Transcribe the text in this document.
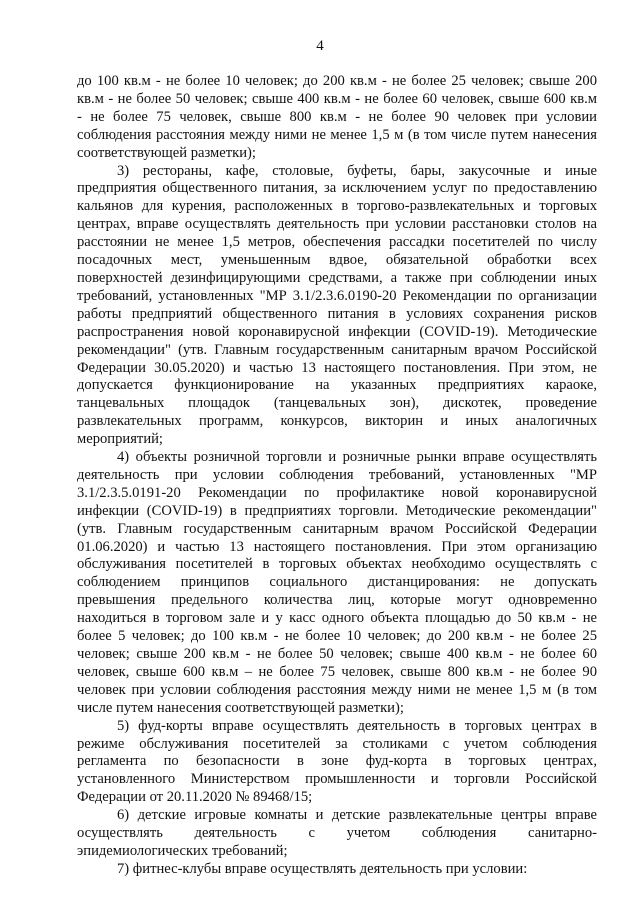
4
до 100 кв.м - не более 10 человек; до 200 кв.м - не более 25 человек; свыше 200
кв.м - не более 50 человек; свыше 400 кв.м - не более 60 человек, свыше 600 кв.м
- не более 75 человек, свыше 800 кв.м - не более 90 человек при условии
соблюдения расстояния между ними не менее 1,5 м (в том числе путем нанесения
соответствующей разметки);
3) рестораны, кафе, столовые, буфеты, бары, закусочные и иные
предприятия общественного питания, за исключением услуг по предоставлению
кальянов для курения, расположенных в торгово-развлекательных и торговых
центрах, вправе осуществлять деятельность при условии расстановки столов на
расстоянии не менее 1,5 метров, обеспечения рассадки посетителей по числу
посадочных мест, уменьшенным вдвое, обязательной обработки всех
поверхностей дезинфицирующими средствами, а также при соблюдении иных
требований, установленных "МР 3.1/2.3.6.0190-20 Рекомендации по организации
работы предприятий общественного питания в условиях сохранения рисков
распространения новой коронавирусной инфекции (COVID-19). Методические
рекомендации" (утв. Главным государственным санитарным врачом Российской
Федерации 30.05.2020) и частью 13 настоящего постановления. При этом, не
допускается функционирование на указанных предприятиях караоке,
танцевальных площадок (танцевальных зон), дискотек, проведение
развлекательных программ, конкурсов, викторин и иных аналогичных
мероприятий;
4) объекты розничной торговли и розничные рынки вправе осуществлять
деятельность при условии соблюдения требований, установленных "МР
3.1/2.3.5.0191-20 Рекомендации по профилактике новой коронавирусной
инфекции (COVID-19) в предприятиях торговли. Методические рекомендации"
(утв. Главным государственным санитарным врачом Российской Федерации
01.06.2020) и частью 13 настоящего постановления. При этом организацию
обслуживания посетителей в торговых объектах необходимо осуществлять с
соблюдением принципов социального дистанцирования: не допускать
превышения предельного количества лиц, которые могут одновременно
находиться в торговом зале и у касс одного объекта площадью до 50 кв.м - не
более 5 человек; до 100 кв.м - не более 10 человек; до 200 кв.м - не более 25
человек; свыше 200 кв.м - не более 50 человек; свыше 400 кв.м - не более 60
человек, свыше 600 кв.м – не более 75 человек, свыше 800 кв.м - не более 90
человек при условии соблюдения расстояния между ними не менее 1,5 м (в том
числе путем нанесения соответствующей разметки);
5) фуд-корты вправе осуществлять деятельность в торговых центрах в
режиме обслуживания посетителей за столиками с учетом соблюдения
регламента по безопасности в зоне фуд-корта в торговых центрах,
установленного Министерством промышленности и торговли Российской
Федерации от 20.11.2020 № 89468/15;
6) детские игровые комнаты и детские развлекательные центры вправе
осуществлять деятельность с учетом соблюдения санитарно-
эпидемиологических требований;
7) фитнес-клубы вправе осуществлять деятельность при условии:
